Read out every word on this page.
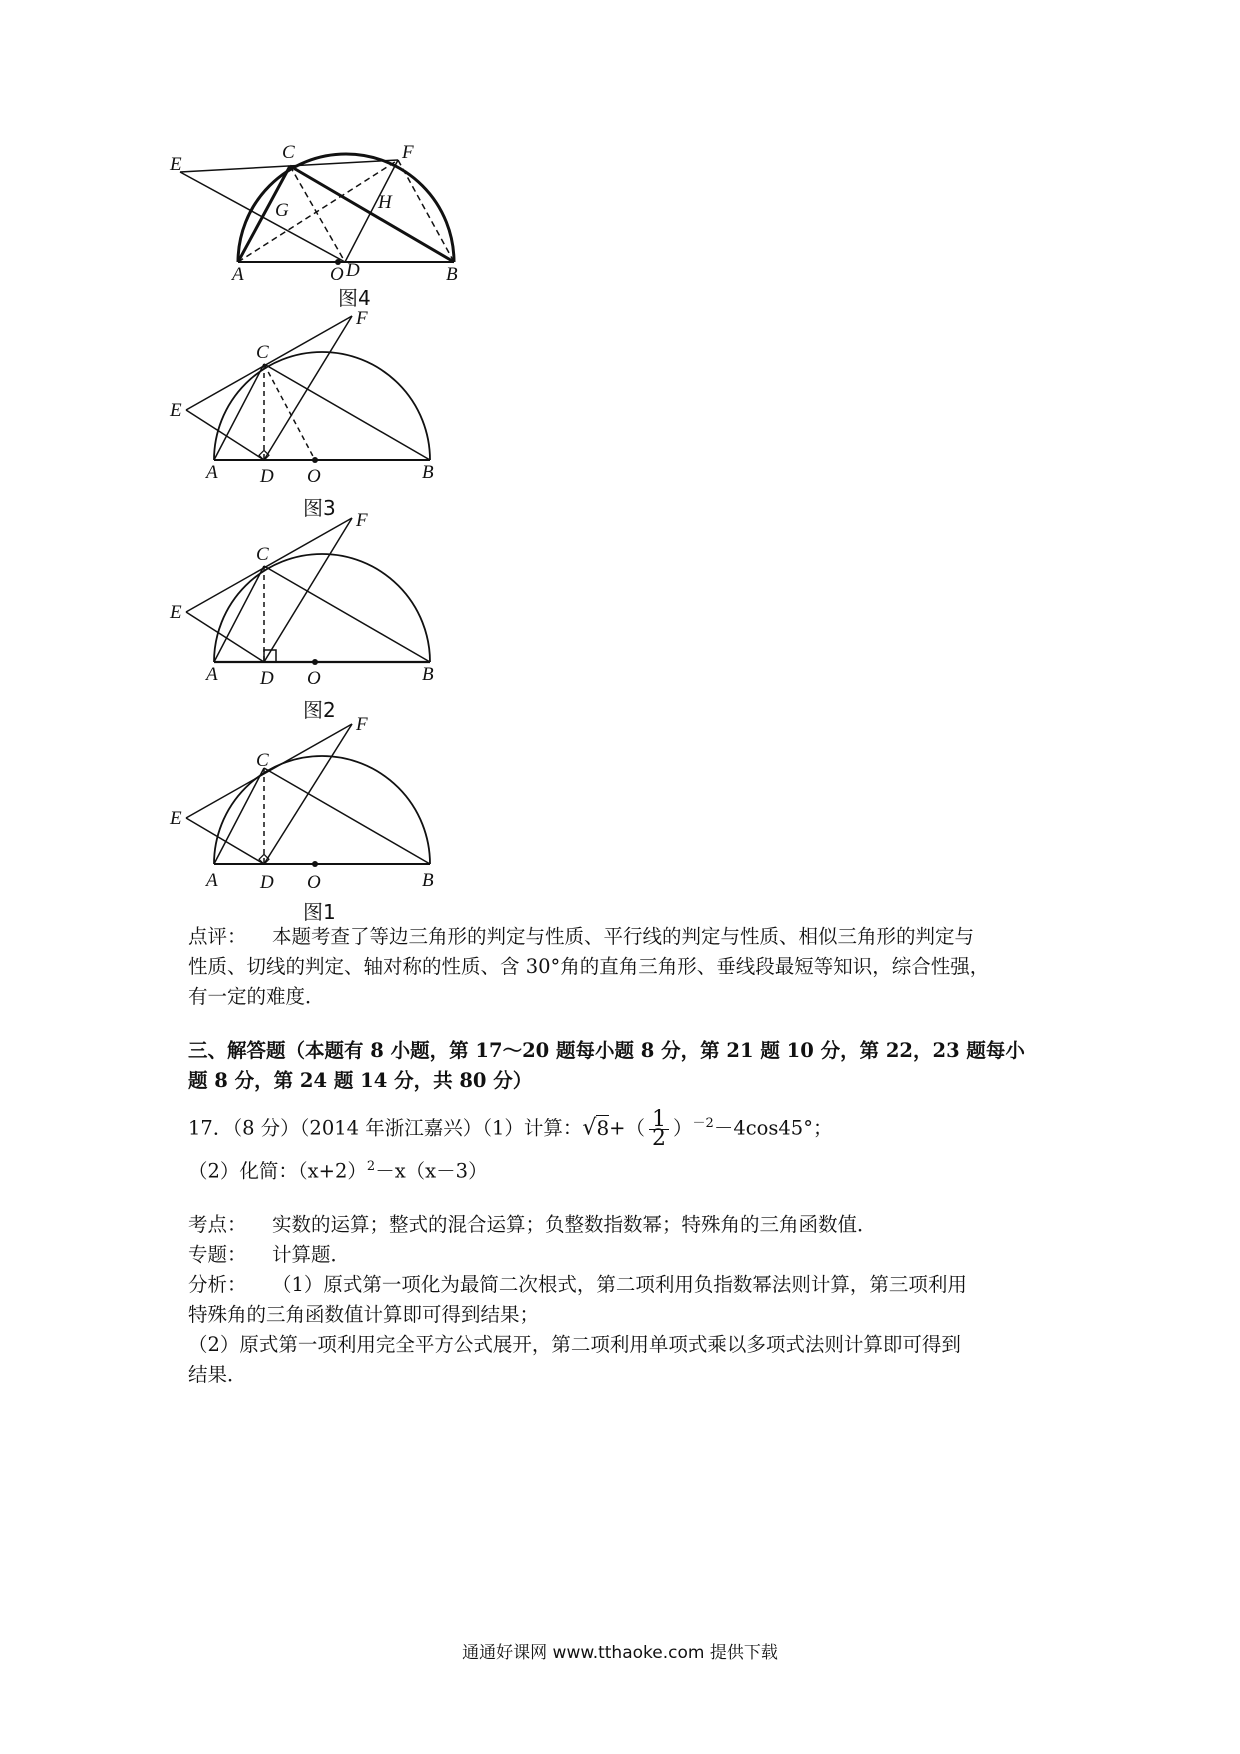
E
C	F
G	H
A	O D	B
图4
F
C
E
A D O	B
图3
F
C
E
A D O	B
图2
F
C
E
A D O	B
图1
点评： 本题考查了等边三角形的判定与性质、平行线的判定与性质、相似三角形的判定与
性质、切线的判定、轴对称的性质、含 30°角的直角三角形、垂线段最短等知识，综合性强，
有一定的难度．
三、解答题（本题有 8 小题，第 17～20 题每小题 8 分，第 21 题 10 分，第 22，23 题每小
题 8 分，第 24 题 14 分，共 80 分）
17．（8 分）（2014 年浙江嘉兴）（1）计算：$√8+( \frac{1}{2} )^{-2}-4\cos 45^\circ$；
（2）化简：$(x+2)^2-x(x-3)$
考点： 实数的运算；整式的混合运算；负整数指数幂；特殊角的三角函数值．
专题： 计算题．
分析： （1）原式第一项化为最简二次根式，第二项利用负指数幂法则计算，第三项利用
特殊角的三角函数值计算即可得到结果；
（2）原式第一项利用完全平方公式展开，第二项利用单项式乘以多项式法则计算即可得到
结果．
通通好课网 www.tthaoke.com 提供下载
